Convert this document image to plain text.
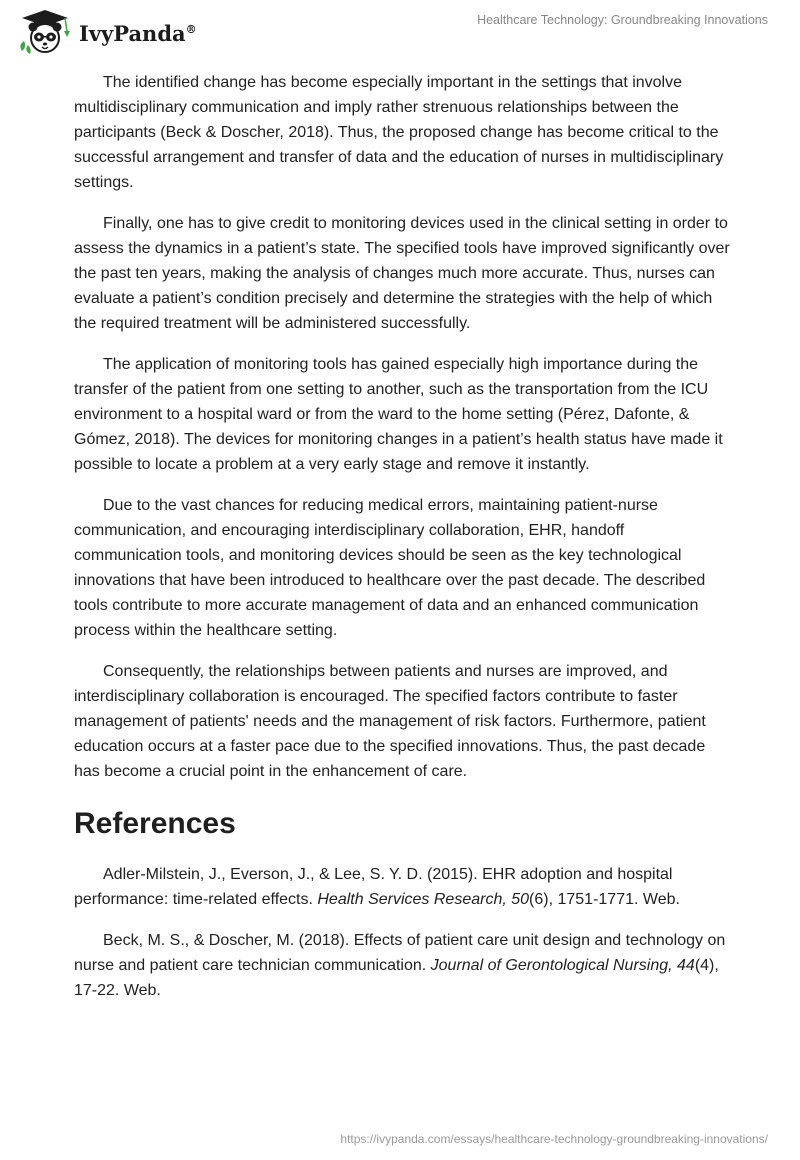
IvyPanda®
Healthcare Technology: Groundbreaking Innovations

The identified change has become especially important in the settings that involve multidisciplinary communication and imply rather strenuous relationships between the participants (Beck & Doscher, 2018). Thus, the proposed change has become critical to the successful arrangement and transfer of data and the education of nurses in multidisciplinary settings.

Finally, one has to give credit to monitoring devices used in the clinical setting in order to assess the dynamics in a patient’s state. The specified tools have improved significantly over the past ten years, making the analysis of changes much more accurate. Thus, nurses can evaluate a patient’s condition precisely and determine the strategies with the help of which the required treatment will be administered successfully.

The application of monitoring tools has gained especially high importance during the transfer of the patient from one setting to another, such as the transportation from the ICU environment to a hospital ward or from the ward to the home setting (Pérez, Dafonte, & Gómez, 2018). The devices for monitoring changes in a patient’s health status have made it possible to locate a problem at a very early stage and remove it instantly.

Due to the vast chances for reducing medical errors, maintaining patient-nurse communication, and encouraging interdisciplinary collaboration, EHR, handoff communication tools, and monitoring devices should be seen as the key technological innovations that have been introduced to healthcare over the past decade. The described tools contribute to more accurate management of data and an enhanced communication process within the healthcare setting.

Consequently, the relationships between patients and nurses are improved, and interdisciplinary collaboration is encouraged. The specified factors contribute to faster management of patients' needs and the management of risk factors. Furthermore, patient education occurs at a faster pace due to the specified innovations. Thus, the past decade has become a crucial point in the enhancement of care.

References
Adler-Milstein, J., Everson, J., & Lee, S. Y. D. (2015). EHR adoption and hospital performance: time-related effects. Health Services Research, 50(6), 1751-1771. Web.
Beck, M. S., & Doscher, M. (2018). Effects of patient care unit design and technology on nurse and patient care technician communication. Journal of Gerontological Nursing, 44(4), 17-22. Web.
https://ivypanda.com/essays/healthcare-technology-groundbreaking-innovations/
